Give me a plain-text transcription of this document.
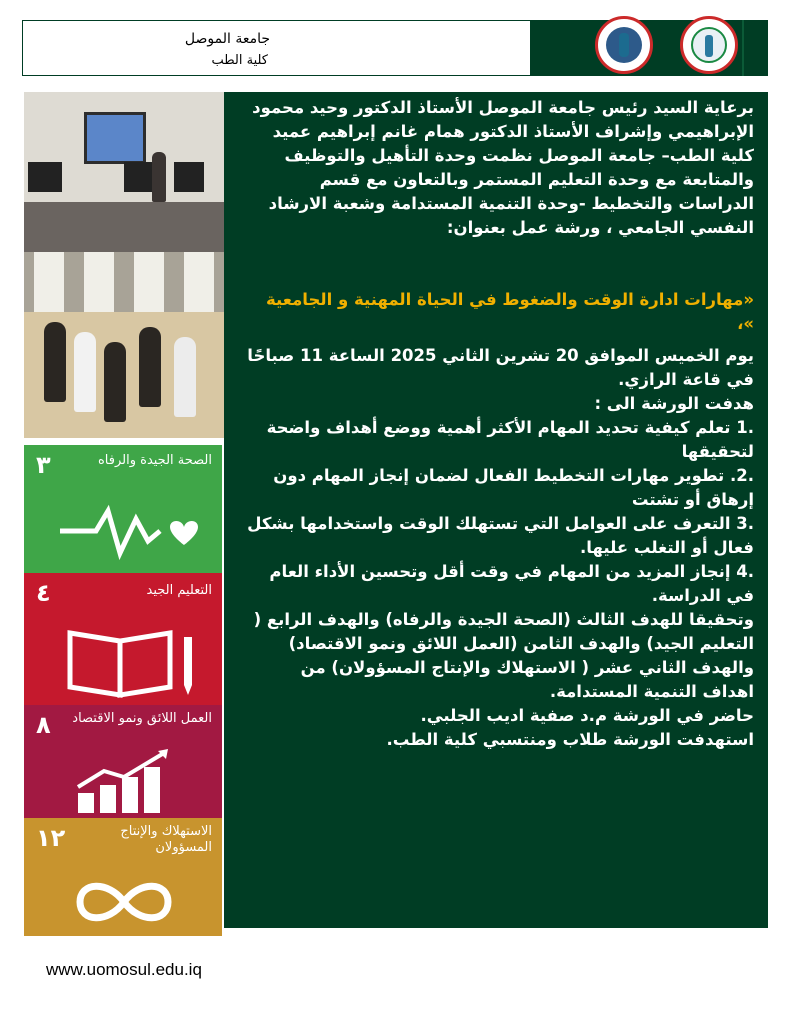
جامعة الموصل
كلية الطب
٣	الصحة الجيدة والرفاه
٤	التعليم الجيد
٨	العمل اللائق ونمو الاقتصاد
١٢	الاستهلاك والإنتاج المسؤولان
برعاية السيد رئيس جامعة الموصل الأستاذ الدكتور وحيد محمود الإبراهيمي وإشراف الأستاذ الدكتور همام غانم إبراهيم عميد كلية الطب– جامعة الموصل نظمت وحدة التأهيل والتوظيف والمتابعة مع وحدة التعليم المستمر وبالتعاون مع قسم الدراسات والتخطيط -وحدة التنمية المستدامة وشعبة الارشاد النفسي الجامعي ، ورشة عمل بعنوان:
«مهارات ادارة الوقت والضغوط في الحياة المهنية و الجامعية »،
يوم الخميس الموافق 20 تشرين الثاني 2025 الساعة 11 صباحًا في قاعة الرازي.
هدفت الورشة الى :
.1 تعلم كيفية تحديد المهام الأكثر أهمية ووضع أهداف واضحة لتحقيقها
.2. تطوير مهارات التخطيط الفعال لضمان إنجاز المهام دون إرهاق أو تشتت
.3 التعرف على العوامل التي تستهلك الوقت واستخدامها بشكل فعال أو التغلب عليها.
.4 إنجاز المزيد من المهام في وقت أقل وتحسين الأداء العام في الدراسة.
وتحقيقا للهدف الثالث (الصحة الجيدة والرفاه) والهدف الرابع ( التعليم الجيد) والهدف الثامن (العمل اللائق ونمو الاقتصاد) والهدف الثاني عشر ( الاستهلاك والإنتاج المسؤولان) من اهداف التنمية المستدامة.
حاضر في الورشة م.د صفية اديب الجلبي.
استهدفت الورشة طلاب ومنتسبي كلية الطب.
www.uomosul.edu.iq
